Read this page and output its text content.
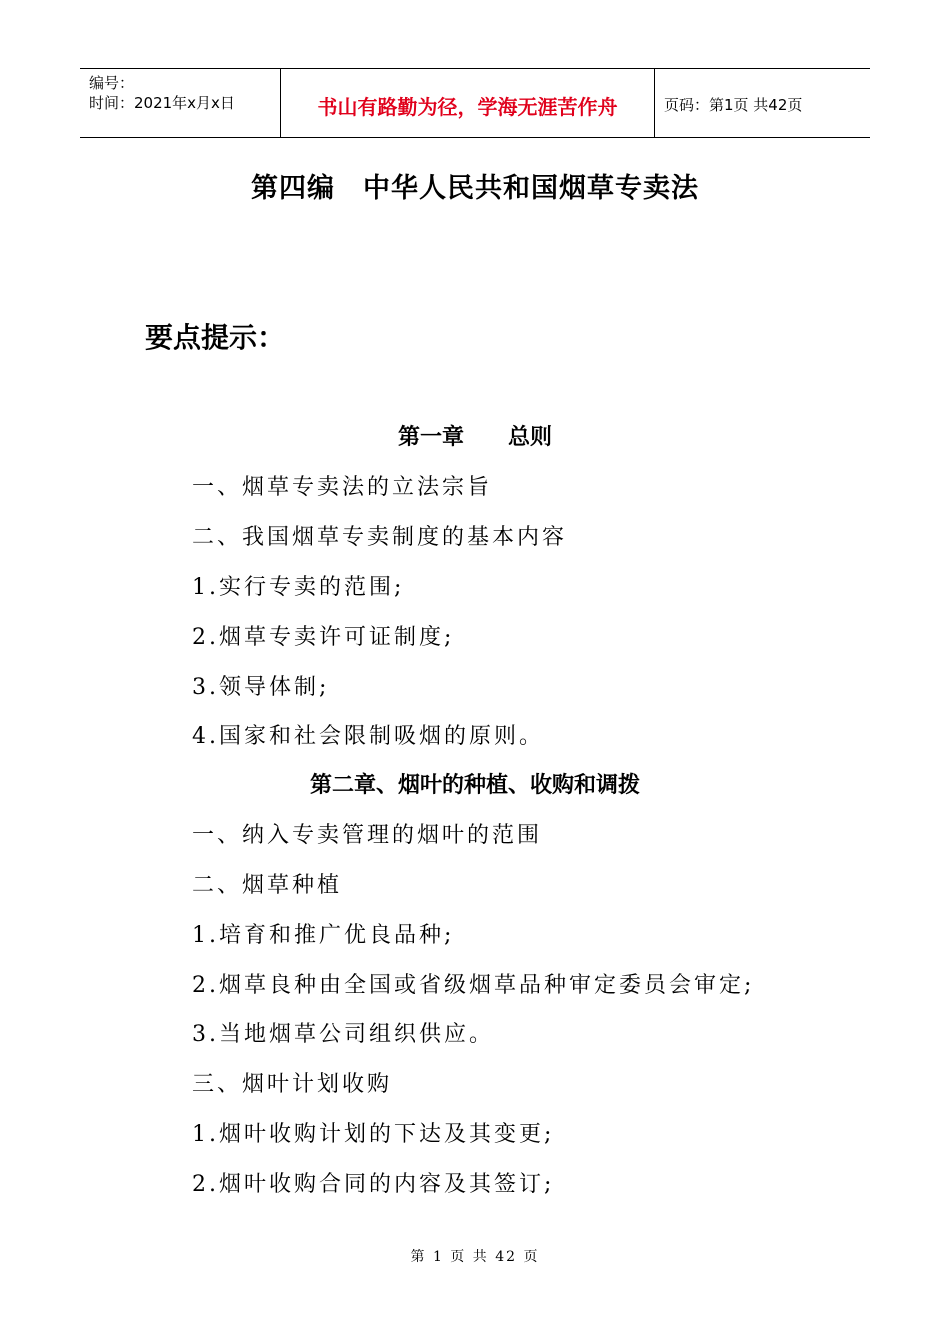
编号：
时间：2021年x月x日	书山有路勤为径，学海无涯苦作舟	页码：第1页 共42页
第四编　中华人民共和国烟草专卖法
要点提示：
第一章　　总则
一、烟草专卖法的立法宗旨
二、我国烟草专卖制度的基本内容
1.实行专卖的范围;
2.烟草专卖许可证制度;
3.领导体制;
4.国家和社会限制吸烟的原则。
第二章、烟叶的种植、收购和调拨
一、纳入专卖管理的烟叶的范围
二、烟草种植
1.培育和推广优良品种;
2.烟草良种由全国或省级烟草品种审定委员会审定;
3.当地烟草公司组织供应。
三、烟叶计划收购
1.烟叶收购计划的下达及其变更;
2.烟叶收购合同的内容及其签订;
第 1 页 共 42 页
